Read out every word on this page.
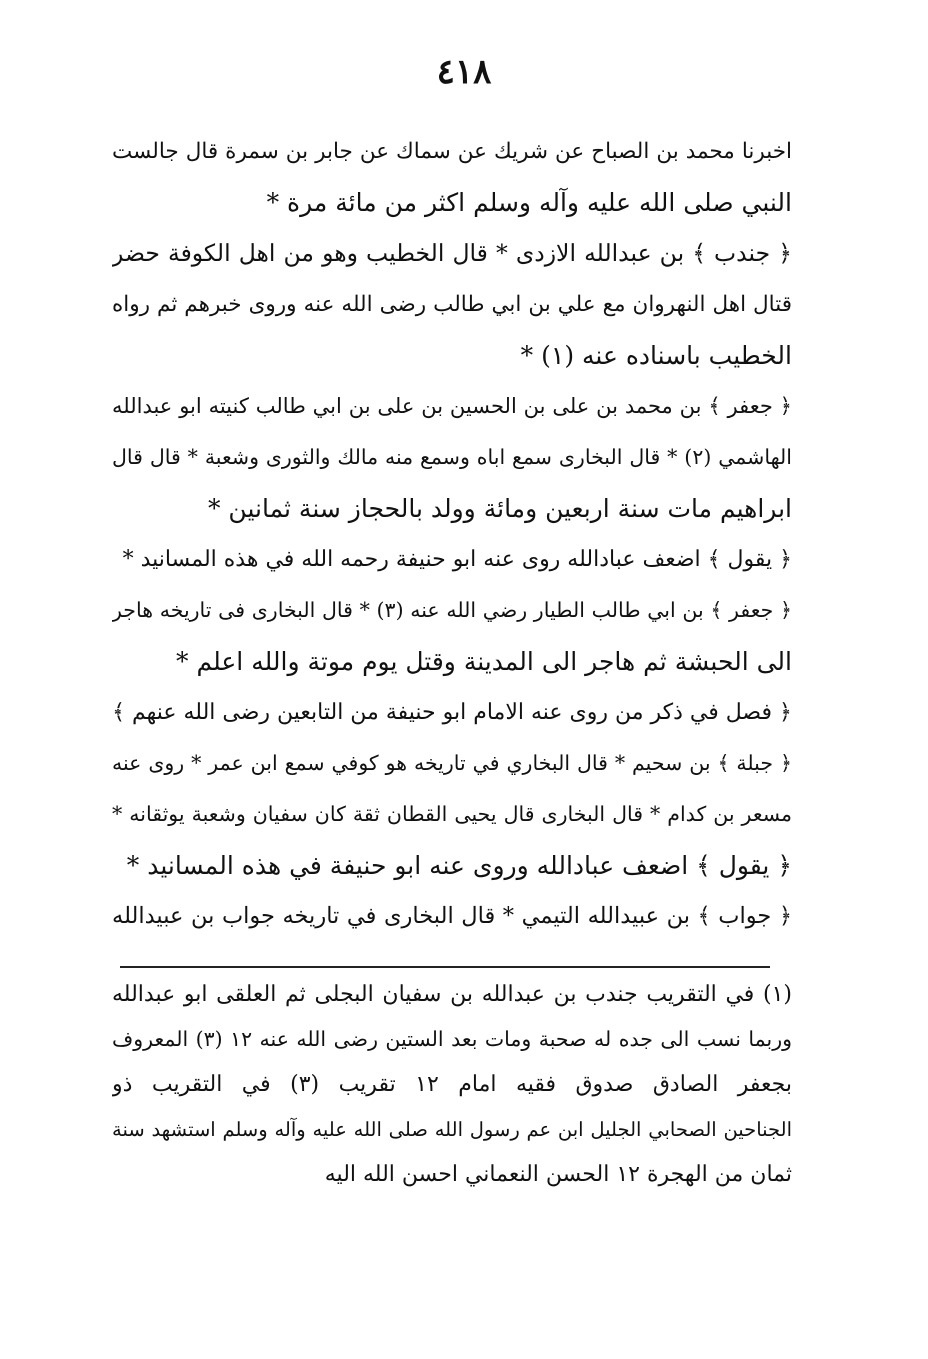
٤١٨
اخبرنا محمد بن الصباح عن شريك عن سماك عن جابر بن سمرة قال جالست
النبي صلى الله عليه وآله وسلم اكثر من مائة مرة *
﴿ جندب ﴾ بن عبدالله الازدى * قال الخطيب وهو من اهل الكوفة حضر
قتال اهل النهروان مع علي بن ابي طالب رضى الله عنه وروى خبرهم ثم رواه
الخطيب باسناده عنه (١) *
﴿ جعفر ﴾ بن محمد بن على بن الحسين بن على بن ابي طالب كنيته ابو عبدالله
الهاشمي (٢) * قال البخارى سمع اباه وسمع منه مالك والثورى وشعبة * قال قال
ابراهيم مات سنة اربعين ومائة وولد بالحجاز سنة ثمانين *
﴿ يقول ﴾ اضعف عبادالله روى عنه ابو حنيفة رحمه الله في هذه المسانيد *
﴿ جعفر ﴾ بن ابي طالب الطيار رضي الله عنه (٣) * قال البخارى فى تاريخه هاجر
الى الحبشة ثم هاجر الى المدينة وقتل يوم موتة والله اعلم *
﴿ فصل في ذكر من روى عنه الامام ابو حنيفة من التابعين رضى الله عنهم ﴾
﴿ جبلة ﴾ بن سحيم * قال البخاري في تاريخه هو كوفي سمع ابن عمر * روى عنه
مسعر بن كدام * قال البخارى قال يحيى القطان ثقة كان سفيان وشعبة يوثقانه *
﴿ يقول ﴾ اضعف عبادالله وروى عنه ابو حنيفة في هذه المسانيد *
﴿ جواب ﴾ بن عبيدالله التيمي * قال البخارى في تاريخه جواب بن عبيدالله
(١) في التقريب جندب بن عبدالله بن سفيان البجلى ثم العلقى ابو عبدالله
وربما نسب الى جده له صحبة ومات بعد الستين رضى الله عنه ١٢ (٣) المعروف
بجعفر الصادق صدوق فقيه امام ١٢ تقريب (٣) في التقريب ذو
الجناحين الصحابي الجليل ابن عم رسول الله صلى الله عليه وآله وسلم استشهد سنة
ثمان من الهجرة ١٢ الحسن النعماني احسن الله اليه
